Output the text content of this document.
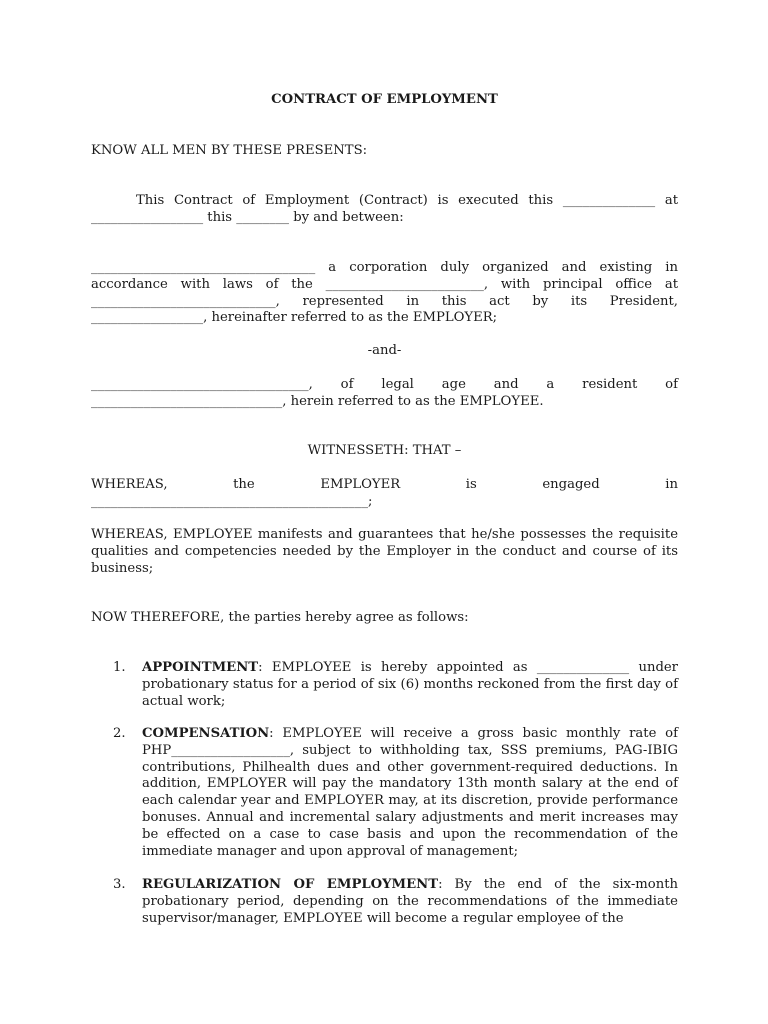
CONTRACT OF EMPLOYMENT
KNOW ALL MEN BY THESE PRESENTS:
This Contract of Employment (Contract) is executed this ______________ at
_________________ this ________ by and between:
__________________________________ a corporation duly organized and existing in
accordance with laws of the ________________________, with principal office at
____________________________, represented in this act by its President,
_________________, hereinafter referred to as the EMPLOYER;
-and-
_________________________________, of legal age and a resident of
_____________________________, herein referred to as the EMPLOYEE.
WITNESSETH: THAT –
WHEREAS, the EMPLOYER is engaged in
__________________________________________;
WHEREAS, EMPLOYEE manifests and guarantees that he/she possesses the requisite qualities and competencies needed by the Employer in the conduct and course of its business;
NOW THEREFORE, the parties hereby agree as follows:
1. APPOINTMENT: EMPLOYEE is hereby appointed as ______________ under probationary status for a period of six (6) months reckoned from the first day of actual work;
2. COMPENSATION: EMPLOYEE will receive a gross basic monthly rate of PHP__________________, subject to withholding tax, SSS premiums, PAG-IBIG contributions, Philhealth dues and other government-required deductions. In addition, EMPLOYER will pay the mandatory 13th month salary at the end of each calendar year and EMPLOYER may, at its discretion, provide performance bonuses. Annual and incremental salary adjustments and merit increases may be effected on a case to case basis and upon the recommendation of the immediate manager and upon approval of management;
3. REGULARIZATION OF EMPLOYMENT: By the end of the six-month probationary period, depending on the recommendations of the immediate supervisor/manager, EMPLOYEE will become a regular employee of the
